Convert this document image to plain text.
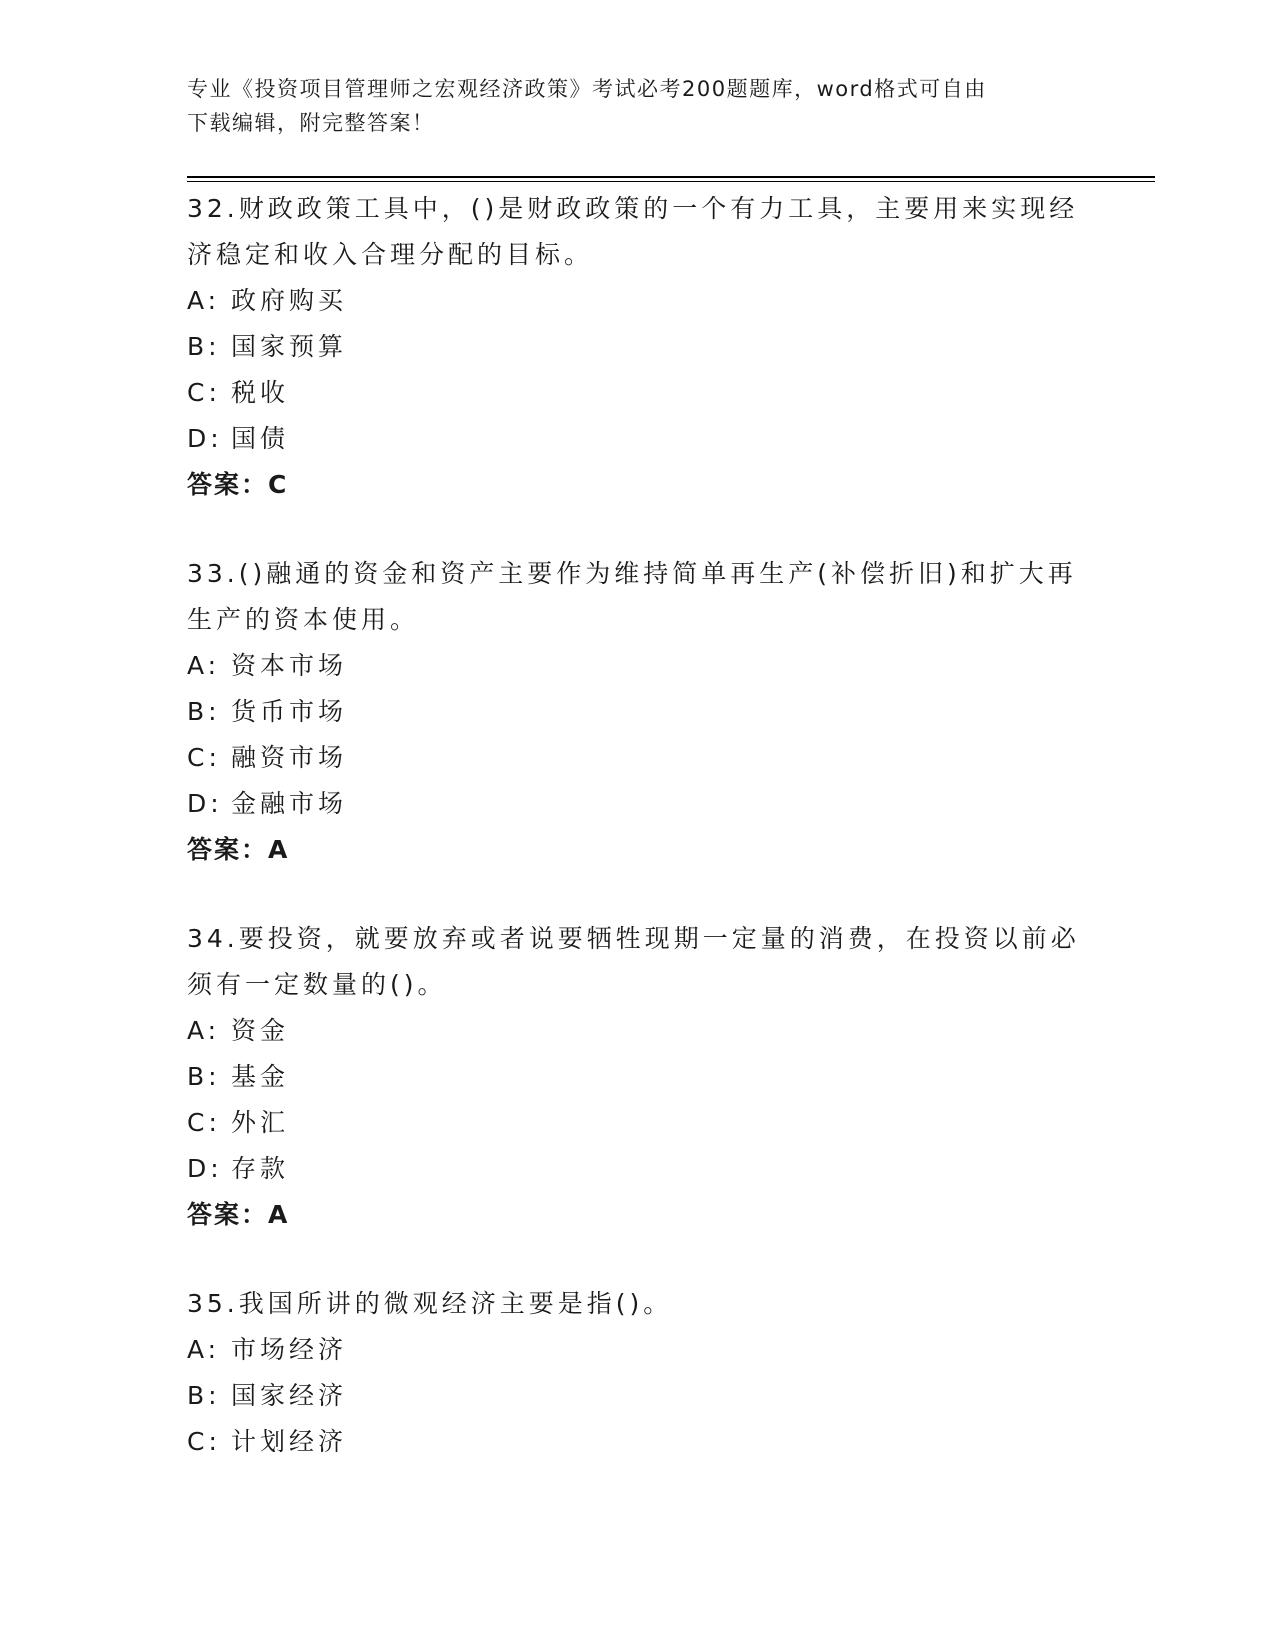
专业《投资项目管理师之宏观经济政策》考试必考200题题库，word格式可自由
下载编辑，附完整答案！

32.财政政策工具中，()是财政政策的一个有力工具，主要用来实现经

济稳定和收入合理分配的目标。

A: 政府购买
B: 国家预算
C: 税收
D: 国债
答案：C

33.()融通的资金和资产主要作为维持简单再生产(补偿折旧)和扩大再

生产的资本使用。

A: 资本市场
B: 货币市场
C: 融资市场
D: 金融市场
答案：A

34.要投资，就要放弃或者说要牺牲现期一定量的消费，在投资以前必

须有一定数量的()。

A: 资金
B: 基金
C: 外汇
D: 存款
答案：A

35.我国所讲的微观经济主要是指()。

A: 市场经济
B: 国家经济
C: 计划经济
